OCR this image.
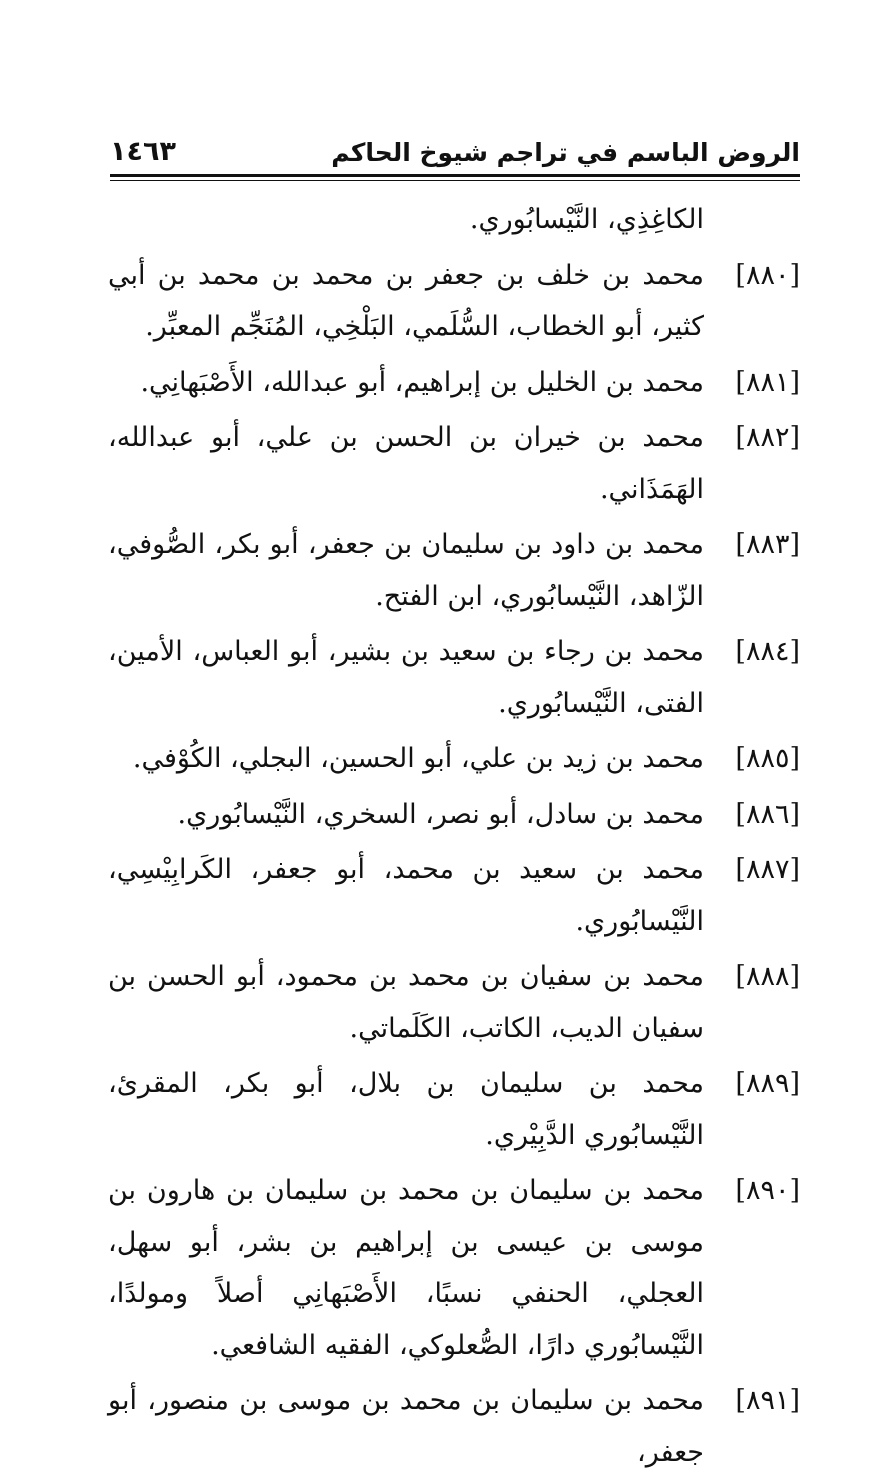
الروض الباسم في تراجم شيوخ الحاكم
١٤٦٣
الكاغِذِي، النَّيْسابُوري.
[٨٨٠]
محمد بن خلف بن جعفر بن محمد بن محمد بن أبي كثير، أبو الخطاب، السُّلَمي، البَلْخِي، المُنَجِّم المعبِّر.
[٨٨١]
محمد بن الخليل بن إبراهيم، أبو عبدالله، الأَصْبَهانِي.
[٨٨٢]
محمد بن خيران بن الحسن بن علي، أبو عبدالله، الهَمَذَاني.
[٨٨٣]
محمد بن داود بن سليمان بن جعفر، أبو بكر، الصُّوفي، الزّاهد، النَّيْسابُوري، ابن الفتح.
[٨٨٤]
محمد بن رجاء بن سعيد بن بشير، أبو العباس، الأمين، الفتى، النَّيْسابُوري.
[٨٨٥]
محمد بن زيد بن علي، أبو الحسين، البجلي، الكُوْفي.
[٨٨٦]
محمد بن سادل، أبو نصر، السخري، النَّيْسابُوري.
[٨٨٧]
محمد بن سعيد بن محمد، أبو جعفر، الكَرابِيْسِي، النَّيْسابُوري.
[٨٨٨]
محمد بن سفيان بن محمد بن محمود، أبو الحسن بن سفيان الديب، الكاتب، الكَلَماتي.
[٨٨٩]
محمد بن سليمان بن بلال، أبو بكر، المقرئ، النَّيْسابُوري الدَّبِيْري.
[٨٩٠]
محمد بن سليمان بن محمد بن سليمان بن هارون بن موسى بن عيسى بن إبراهيم بن بشر، أبو سهل، العجلي، الحنفي نسبًا، الأَصْبَهانِي أصلاً ومولدًا، النَّيْسابُوري دارًا، الصُّعلوكي، الفقيه الشافعي.
[٨٩١]
محمد بن سليمان بن محمد بن موسى بن منصور، أبو جعفر،
